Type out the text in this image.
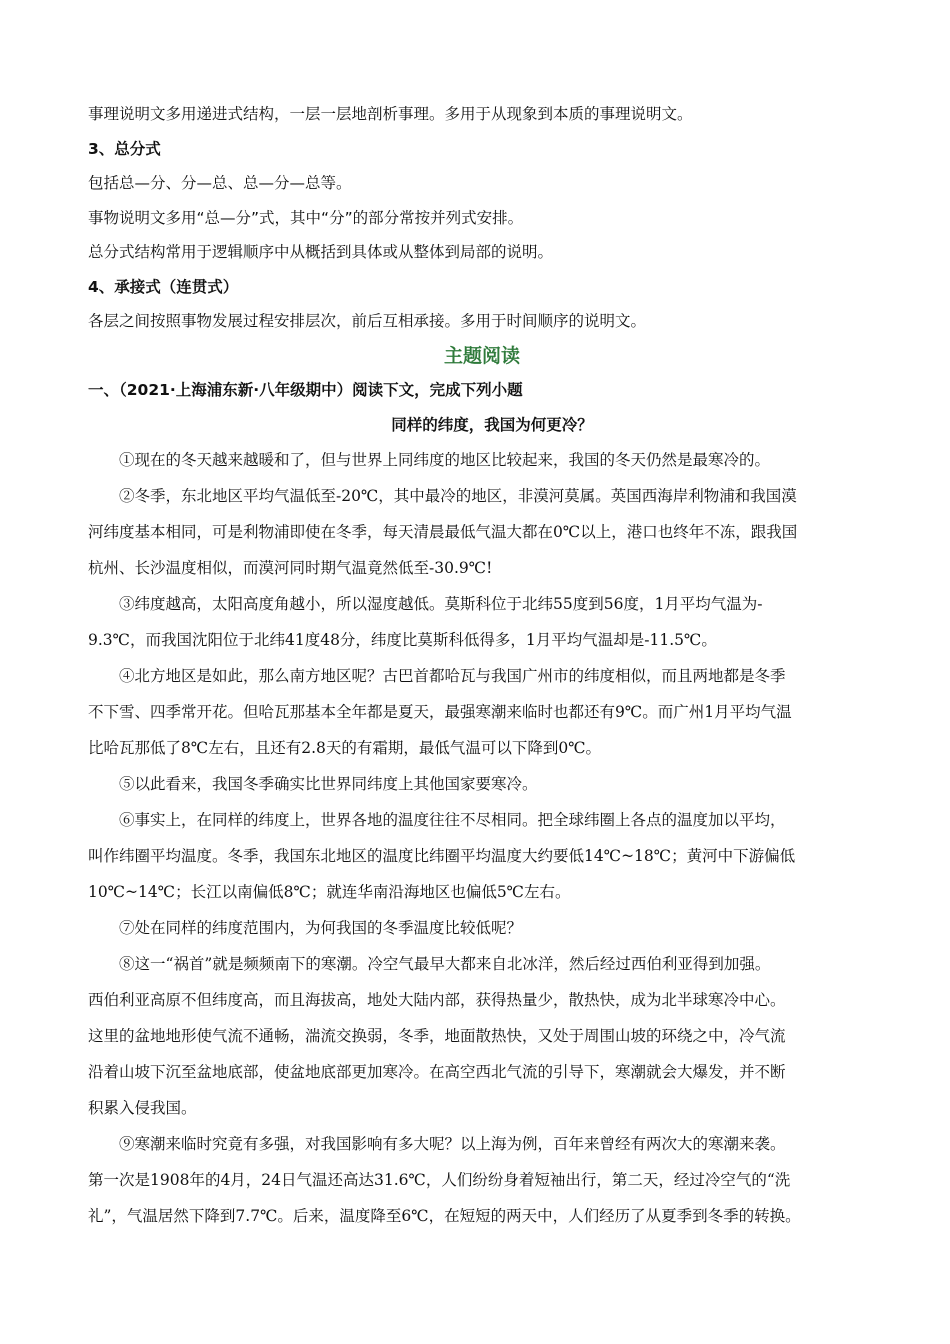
事理说明文多用递进式结构，一层一层地剖析事理。多用于从现象到本质的事理说明文。
3、总分式
包括总—分、分—总、总—分—总等。
事物说明文多用“总—分”式，其中“分”的部分常按并列式安排。
总分式结构常用于逻辑顺序中从概括到具体或从整体到局部的说明。
4、承接式（连贯式）
各层之间按照事物发展过程安排层次，前后互相承接。多用于时间顺序的说明文。
主题阅读
一、（2021·上海浦东新·八年级期中）阅读下文，完成下列小题
同样的纬度，我国为何更冷？
①现在的冬天越来越暖和了，但与世界上同纬度的地区比较起来，我国的冬天仍然是最寒冷的。
②冬季，东北地区平均气温低至-20℃，其中最冷的地区，非漠河莫属。英国西海岸利物浦和我国漠
河纬度基本相同，可是利物浦即使在冬季，每天清晨最低气温大都在0℃以上，港口也终年不冻，跟我国
杭州、长沙温度相似，而漠河同时期气温竟然低至-30.9℃!
③纬度越高，太阳高度角越小，所以湿度越低。莫斯科位于北纬55度到56度，1月平均气温为-
9.3℃，而我国沈阳位于北纬41度48分，纬度比莫斯科低得多，1月平均气温却是-11.5℃。
④北方地区是如此，那么南方地区呢？古巴首都哈瓦与我国广州市的纬度相似，而且两地都是冬季
不下雪、四季常开花。但哈瓦那基本全年都是夏天，最强寒潮来临时也都还有9℃。而广州1月平均气温
比哈瓦那低了8℃左右，且还有2.8天的有霜期，最低气温可以下降到0℃。
⑤以此看来，我国冬季确实比世界同纬度上其他国家要寒冷。
⑥事实上，在同样的纬度上，世界各地的温度往往不尽相同。把全球纬圈上各点的温度加以平均，
叫作纬圈平均温度。冬季，我国东北地区的温度比纬圈平均温度大约要低14℃~18℃；黄河中下游偏低
10℃~14℃；长江以南偏低8℃；就连华南沿海地区也偏低5℃左右。
⑦处在同样的纬度范围内，为何我国的冬季温度比较低呢？
⑧这一“祸首”就是频频南下的寒潮。冷空气最早大都来自北冰洋，然后经过西伯利亚得到加强。
西伯利亚高原不但纬度高，而且海拔高，地处大陆内部，获得热量少，散热快，成为北半球寒冷中心。
这里的盆地地形使气流不通畅，湍流交换弱，冬季，地面散热快，又处于周围山坡的环绕之中，冷气流
沿着山坡下沉至盆地底部，使盆地底部更加寒冷。在高空西北气流的引导下，寒潮就会大爆发，并不断
积累入侵我国。
⑨寒潮来临时究竟有多强，对我国影响有多大呢？以上海为例，百年来曾经有两次大的寒潮来袭。
第一次是1908年的4月，24日气温还高达31.6℃，人们纷纷身着短袖出行，第二天，经过冷空气的“洗
礼”，气温居然下降到7.7℃。后来，温度降至6℃，在短短的两天中，人们经历了从夏季到冬季的转换。
